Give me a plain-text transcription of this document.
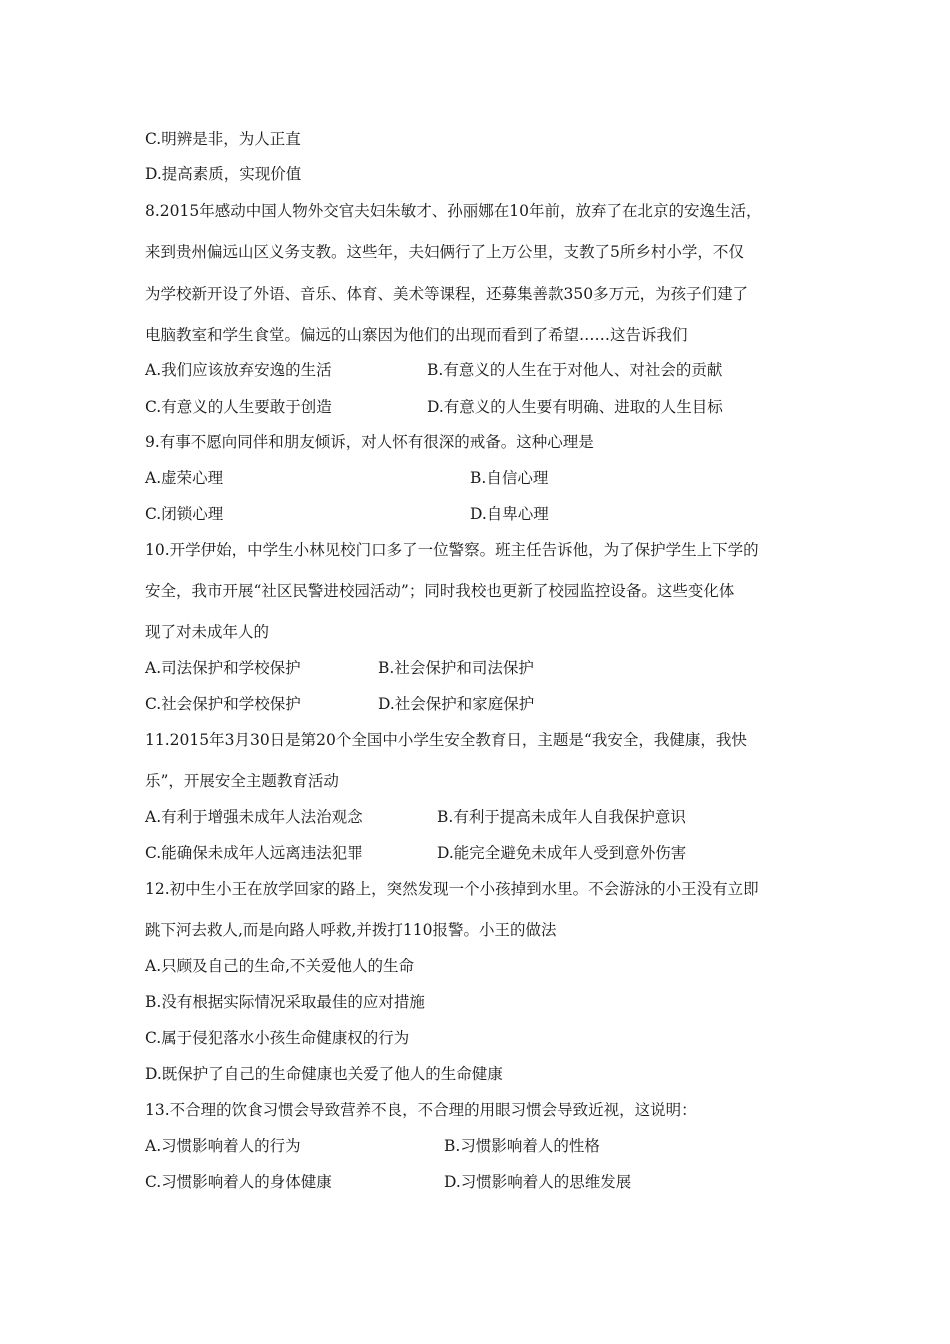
C.明辨是非，为人正直
D.提高素质，实现价值
8.2015年感动中国人物外交官夫妇朱敏才、孙丽娜在10年前，放弃了在北京的安逸生活，
来到贵州偏远山区义务支教。这些年，夫妇俩行了上万公里，支教了5所乡村小学，不仅
为学校新开设了外语、音乐、体育、美术等课程，还募集善款350多万元，为孩子们建了
电脑教室和学生食堂。偏远的山寨因为他们的出现而看到了希望……这告诉我们
A.我们应该放弃安逸的生活	B.有意义的人生在于对他人、对社会的贡献
C.有意义的人生要敢于创造	D.有意义的人生要有明确、进取的人生目标
9.有事不愿向同伴和朋友倾诉，对人怀有很深的戒备。这种心理是
A.虚荣心理	B.自信心理
C.闭锁心理	D.自卑心理
10.开学伊始，中学生小林见校门口多了一位警察。班主任告诉他，为了保护学生上下学的
安全，我市开展“社区民警进校园活动”；同时我校也更新了校园监控设备。这些变化体
现了对未成年人的
A.司法保护和学校保护	B.社会保护和司法保护
C.社会保护和学校保护	D.社会保护和家庭保护
11.2015年3月30日是第20个全国中小学生安全教育日，主题是“我安全，我健康，我快
乐”，开展安全主题教育活动
A.有利于增强未成年人法治观念	B.有利于提高未成年人自我保护意识
C.能确保未成年人远离违法犯罪	D.能完全避免未成年人受到意外伤害
12.初中生小王在放学回家的路上，突然发现一个小孩掉到水里。不会游泳的小王没有立即
跳下河去救人,而是向路人呼救,并拨打110报警。小王的做法
A.只顾及自己的生命,不关爱他人的生命
B.没有根据实际情况采取最佳的应对措施
C.属于侵犯落水小孩生命健康权的行为
D.既保护了自己的生命健康也关爱了他人的生命健康
13.不合理的饮食习惯会导致营养不良，不合理的用眼习惯会导致近视，这说明：
A.习惯影响着人的行为	B.习惯影响着人的性格
C.习惯影响着人的身体健康	D.习惯影响着人的思维发展
